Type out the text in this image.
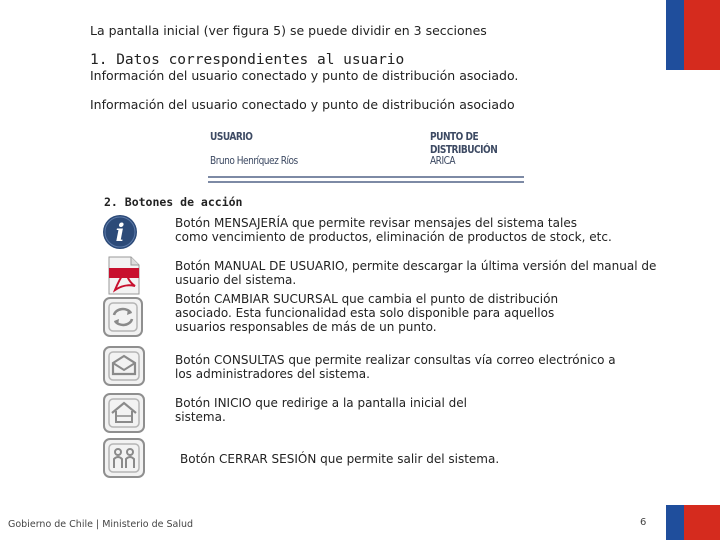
La pantalla inicial (ver figura 5) se puede dividir en 3 secciones

1. Datos correspondientes al usuario

Información del usuario conectado y punto de distribución asociado.

Información del usuario conectado y punto de distribución asociado

USUARIO
Bruno Henríquez Ríos
PUNTO DE DISTRIBUCIÓN
ARICA

2. Botones de acción

i	Botón MENSAJERÍA que permite revisar mensajes del sistema tales
como vencimiento de productos, eliminación de productos de stock, etc.

Botón MANUAL DE USUARIO, permite descargar la última versión del manual de
usuario del sistema.

Botón CAMBIAR SUCURSAL que cambia el punto de distribución
asociado. Esta funcionalidad esta solo disponible para aquellos
usuarios responsables de más de un punto.

Botón CONSULTAS que permite realizar consultas vía correo electrónico a
los administradores del sistema.

Botón INICIO que redirige a la pantalla inicial del
sistema.

Botón CERRAR SESIÓN que permite salir del sistema.

Gobierno de Chile | Ministerio de Salud	6
